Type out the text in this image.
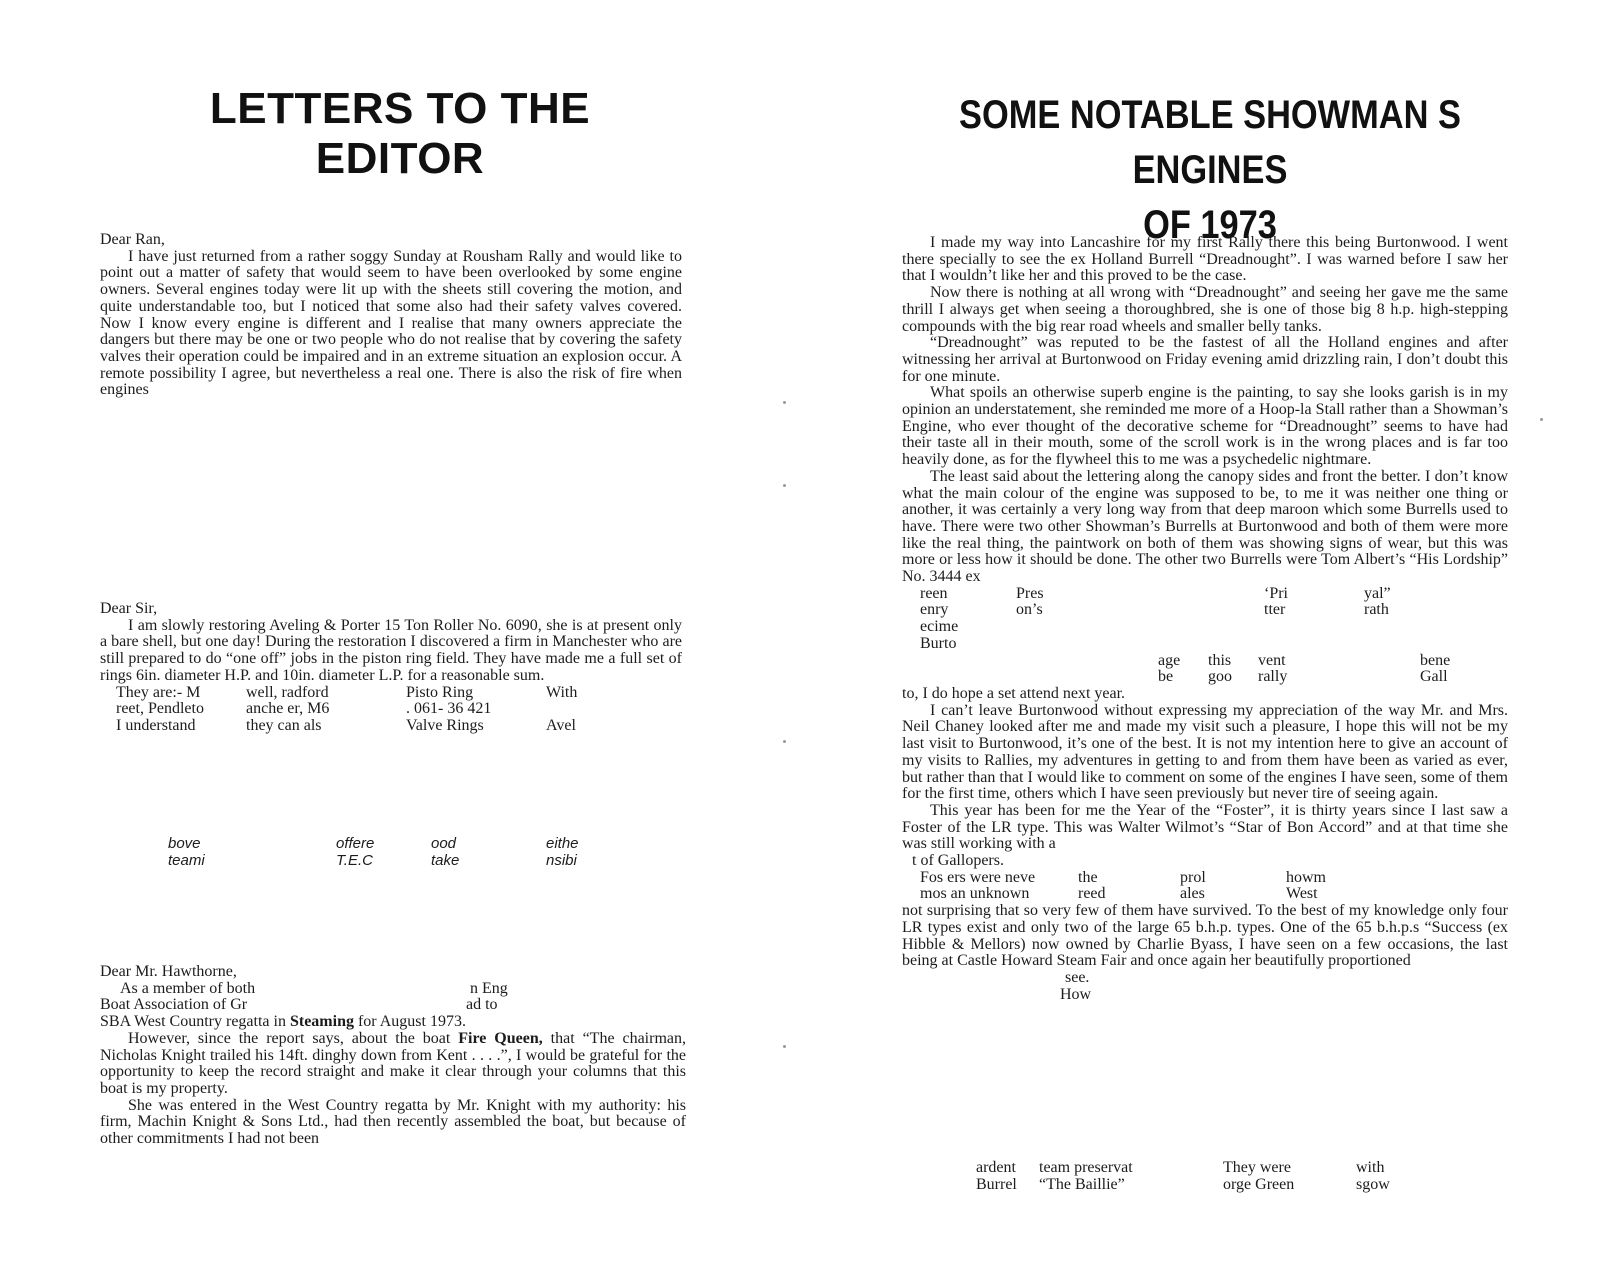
LETTERS TO THE EDITOR

Dear Ran,

I have just returned from a rather soggy Sunday at Rousham Rally and would like to point out a matter of safety that would seem to have been overlooked by some engine owners. Several engines today were lit up with the sheets still covering the motion, and quite understandable too, but I noticed that some also had their safety valves covered. Now I know every engine is different and I realise that many owners appreciate the dangers but there may be one or two people who do not realise that by covering the safety valves their operation could be impaired and in an extreme situation an explosion occur. A remote possibility I agree, but nevertheless a real one. There is also the risk of fire when engines

Dear Sir,

I am slowly restoring Aveling & Porter 15 Ton Roller No. 6090, she is at present only a bare shell, but one day! During the restoration I discovered a firm in Manchester who are still prepared to do “one off” jobs in the piston ring field. They have made me a full set of rings 6in. diameter H.P. and 10in. diameter L.P. for a reasonable sum.

They are:- M	well, radford	Pisto Ring	With
reet, Pendleto	anche er, M6	. 061- 36 421
I understand	they can als	Valve Rings	Avel
bove	offere	ood	eithe
teami	T.E.C	take	nsibi

Dear Mr. Hawthorne,

As a member of both	n Eng
Boat Association of Gr	ad to

SBA West Country regatta in Steaming for August 1973.

However, since the report says, about the boat Fire Queen, that “The chairman, Nicholas Knight trailed his 14ft. dinghy down from Kent . . . .”, I would be grateful for the opportunity to keep the record straight and make it clear through your columns that this boat is my property.

She was entered in the West Country regatta by Mr. Knight with my authority: his firm, Machin Knight & Sons Ltd., had then recently assembled the boat, but because of other commitments I had not been

SOME NOTABLE SHOWMAN S ENGINES
OF 1973

I made my way into Lancashire for my first Rally there this being Burtonwood. I went there specially to see the ex Holland Burrell “Dreadnought”. I was warned before I saw her that I wouldn’t like her and this proved to be the case.

Now there is nothing at all wrong with “Dreadnought” and seeing her gave me the same thrill I always get when seeing a thoroughbred, she is one of those big 8 h.p. high-stepping compounds with the big rear road wheels and smaller belly tanks.

“Dreadnought” was reputed to be the fastest of all the Holland engines and after witnessing her arrival at Burtonwood on Friday evening amid drizzling rain, I don’t doubt this for one minute.

What spoils an otherwise superb engine is the painting, to say she looks garish is in my opinion an understatement, she reminded me more of a Hoop-la Stall rather than a Showman’s Engine, who ever thought of the decorative scheme for “Dreadnought” seems to have had their taste all in their mouth, some of the scroll work is in the wrong places and is far too heavily done, as for the flywheel this to me was a psychedelic nightmare.

The least said about the lettering along the canopy sides and front the better. I don’t know what the main colour of the engine was supposed to be, to me it was neither one thing or another, it was certainly a very long way from that deep maroon which some Burrells used to have. There were two other Showman’s Burrells at Burtonwood and both of them were more like the real thing, the paintwork on both of them was showing signs of wear, but this was more or less how it should be done. The other two Burrells were Tom Albert’s “His Lordship” No. 3444 ex

reen	Pres	‘Pri	yal”
enry	on’s	tter	rath
ecime
Burto
age	this	vent	bene
be	goo	rally	Gall

to, I do hope a set attend next year.

I can’t leave Burtonwood without expressing my appreciation of the way Mr. and Mrs. Neil Chaney looked after me and made my visit such a pleasure, I hope this will not be my last visit to Burtonwood, it’s one of the best. It is not my intention here to give an account of my visits to Rallies, my adventures in getting to and from them have been as varied as ever, but rather than that I would like to comment on some of the engines I have seen, some of them for the first time, others which I have seen previously but never tire of seeing again.

This year has been for me the Year of the “Foster”, it is thirty years since I last saw a Foster of the LR type. This was Walter Wilmot’s “Star of Bon Accord” and at that time she was still working with a

t of Gallopers.

Fos ers were neve	the	prol	howm
mos an unknown	reed	ales	West

not surprising that so very few of them have survived. To the best of my knowledge only four LR types exist and only two of the large 65 b.h.p. types. One of the 65 b.h.p.s “Success (ex Hibble & Mellors) now owned by Charlie Byass, I have seen on a few occasions, the last being at Castle Howard Steam Fair and once again her beautifully proportioned

see.
How
ardent	team preservat	They were	with
Burrel	“The Baillie”	orge Green	sgow
